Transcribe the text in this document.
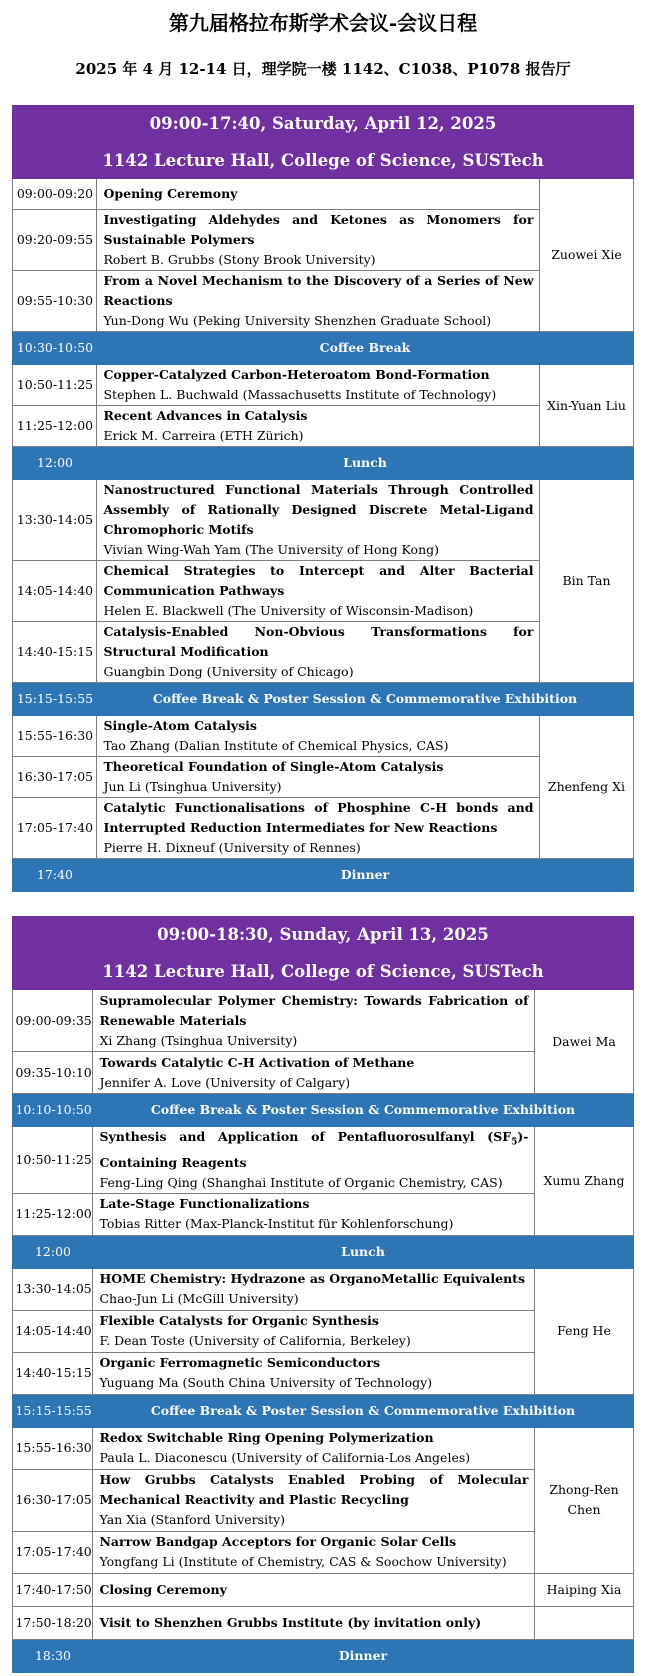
第九届格拉布斯学术会议-会议日程
2025 年 4 月 12-14 日，理学院一楼 1142、C1038、P1078 报告厅
09:00-17:40, Saturday, April 12, 2025		
1142 Lecture Hall, College of Science, SUSTech		
09:00-09:20	Opening Ceremony	Zuowei Xie
09:20-09:55	Investigating Aldehydes and Ketones as Monomers for Sustainable Polymers
Robert B. Grubbs (Stony Brook University)	

09:55-10:30	From a Novel Mechanism to the Discovery of a Series of New Reactions
Yun-Dong Wu (Peking University Shenzhen Graduate School)	

10:30-10:50	Coffee Break	
10:50-11:25	Copper-Catalyzed Carbon-Heteroatom Bond-Formation
Stephen L. Buchwald (Massachusetts Institute of Technology)	Xin-Yuan Liu
11:25-12:00	Recent Advances in Catalysis
Erick M. Carreira (ETH Zürich)	

12:00	Lunch	
13:30-14:05	Nanostructured Functional Materials Through Controlled Assembly of Rationally Designed Discrete Metal-Ligand Chromophoric Motifs
Vivian Wing-Wah Yam (The University of Hong Kong)	Bin Tan
14:05-14:40	Chemical Strategies to Intercept and Alter Bacterial Communication Pathways
Helen E. Blackwell (The University of Wisconsin-Madison)	

14:40-15:15	Catalysis-Enabled Non-Obvious Transformations for Structural Modification
Guangbin Dong (University of Chicago)	

15:15-15:55	Coffee Break & Poster Session & Commemorative Exhibition	
15:55-16:30	Single-Atom Catalysis
Tao Zhang (Dalian Institute of Chemical Physics, CAS)	Zhenfeng Xi
16:30-17:05	Theoretical Foundation of Single-Atom Catalysis
Jun Li (Tsinghua University)	

17:05-17:40	Catalytic Functionalisations of Phosphine C-H bonds and Interrupted Reduction Intermediates for New Reactions
Pierre H. Dixneuf (University of Rennes)	

17:40	Dinner	
09:00-18:30, Sunday, April 13, 2025		
1142 Lecture Hall, College of Science, SUSTech		
09:00-09:35	Supramolecular Polymer Chemistry: Towards Fabrication of Renewable Materials
Xi Zhang (Tsinghua University)	Dawei Ma
09:35-10:10	Towards Catalytic C-H Activation of Methane
Jennifer A. Love (University of Calgary)	

10:10-10:50	Coffee Break & Poster Session & Commemorative Exhibition	
10:50-11:25	Synthesis and Application of Pentafluorosulfanyl $(SF_5)$-Containing Reagents
Feng-Ling Qing (Shanghai Institute of Organic Chemistry, CAS)	Xumu Zhang
11:25-12:00	Late-Stage Functionalizations
Tobias Ritter (Max-Planck-Institut für Kohlenforschung)	

12:00	Lunch	
13:30-14:05	HOME Chemistry: Hydrazone as OrganoMetallic Equivalents
Chao-Jun Li (McGill University)	Feng He
14:05-14:40	Flexible Catalysts for Organic Synthesis
F. Dean Toste (University of California, Berkeley)	

14:40-15:15	Organic Ferromagnetic Semiconductors
Yuguang Ma (South China University of Technology)	

15:15-15:55	Coffee Break & Poster Session & Commemorative Exhibition	
15:55-16:30	Redox Switchable Ring Opening Polymerization
Paula L. Diaconescu (University of California-Los Angeles)	Zhong-Ren Chen
16:30-17:05	How Grubbs Catalysts Enabled Probing of Molecular Mechanical Reactivity and Plastic Recycling
Yan Xia (Stanford University)	

17:05-17:40	Narrow Bandgap Acceptors for Organic Solar Cells
Yongfang Li (Institute of Chemistry, CAS & Soochow University)	

17:40-17:50	Closing Ceremony	Haiping Xia
17:50-18:20	Visit to Shenzhen Grubbs Institute (by invitation only)	

18:30	Dinner	
